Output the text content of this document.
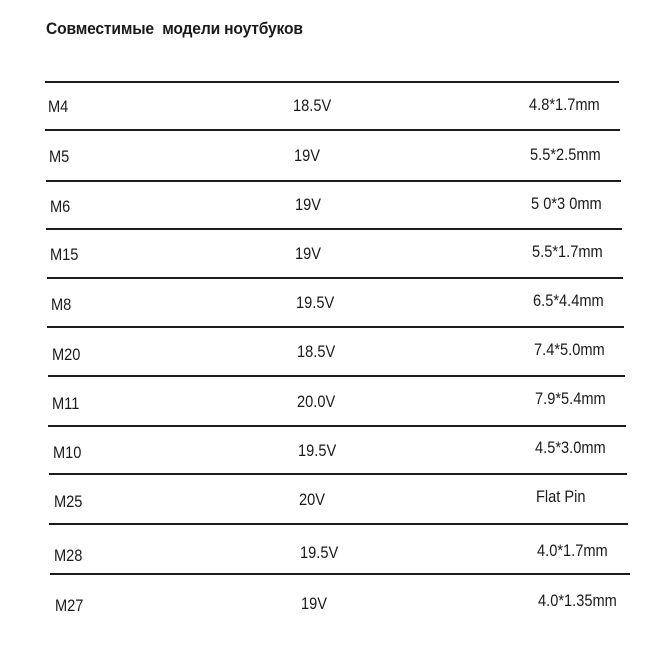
Совместимые  модели ноутбуков
M4	18.5V	4.8*1.7mm
M5	19V	5.5*2.5mm
M6	19V	5 0*3 0mm
M15	19V	5.5*1.7mm
M8	19.5V	6.5*4.4mm
M20	18.5V	7.4*5.0mm
M11	20.0V	7.9*5.4mm
M10	19.5V	4.5*3.0mm
M25	20V	Flat Pin
M28	19.5V	4.0*1.7mm
M27	19V	4.0*1.35mm
